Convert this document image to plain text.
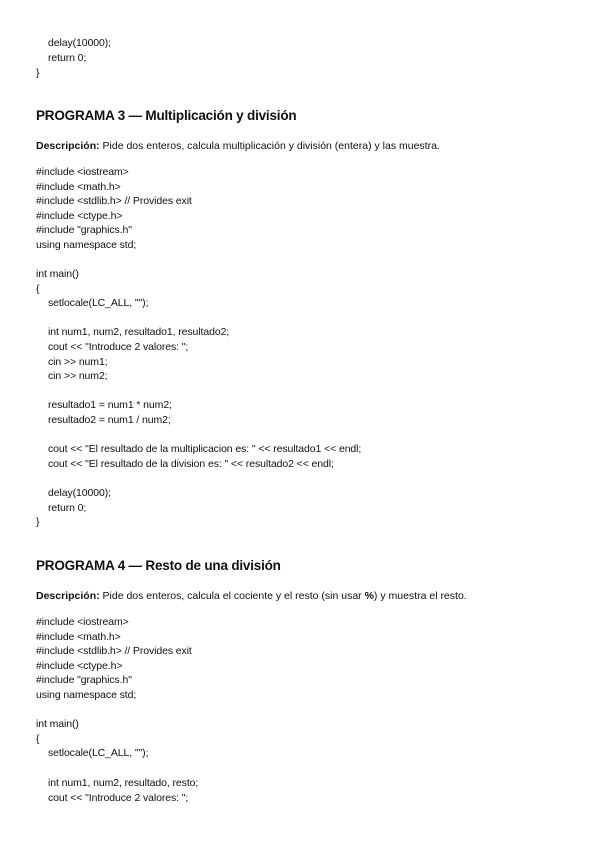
delay(10000);
return 0;
}
PROGRAMA 3 — Multiplicación y división
Descripción: Pide dos enteros, calcula multiplicación y división (entera) y las muestra.
#include <iostream>
#include <math.h>
#include <stdlib.h> // Provides exit
#include <ctype.h>
#include "graphics.h"
using namespace std;
int main()
{
setlocale(LC_ALL, "");
int num1, num2, resultado1, resultado2;
cout << "Introduce 2 valores: ";
cin >> num1;
cin >> num2;
resultado1 = num1 * num2;
resultado2 = num1 / num2;
cout << "El resultado de la multiplicacion es: " << resultado1 << endl;
cout << "El resultado de la division es: " << resultado2 << endl;
delay(10000);
return 0;
}
PROGRAMA 4 — Resto de una división
Descripción: Pide dos enteros, calcula el cociente y el resto (sin usar %) y muestra el resto.
#include <iostream>
#include <math.h>
#include <stdlib.h> // Provides exit
#include <ctype.h>
#include "graphics.h"
using namespace std;
int main()
{
setlocale(LC_ALL, "");
int num1, num2, resultado, resto;
cout << "Introduce 2 valores: ";
